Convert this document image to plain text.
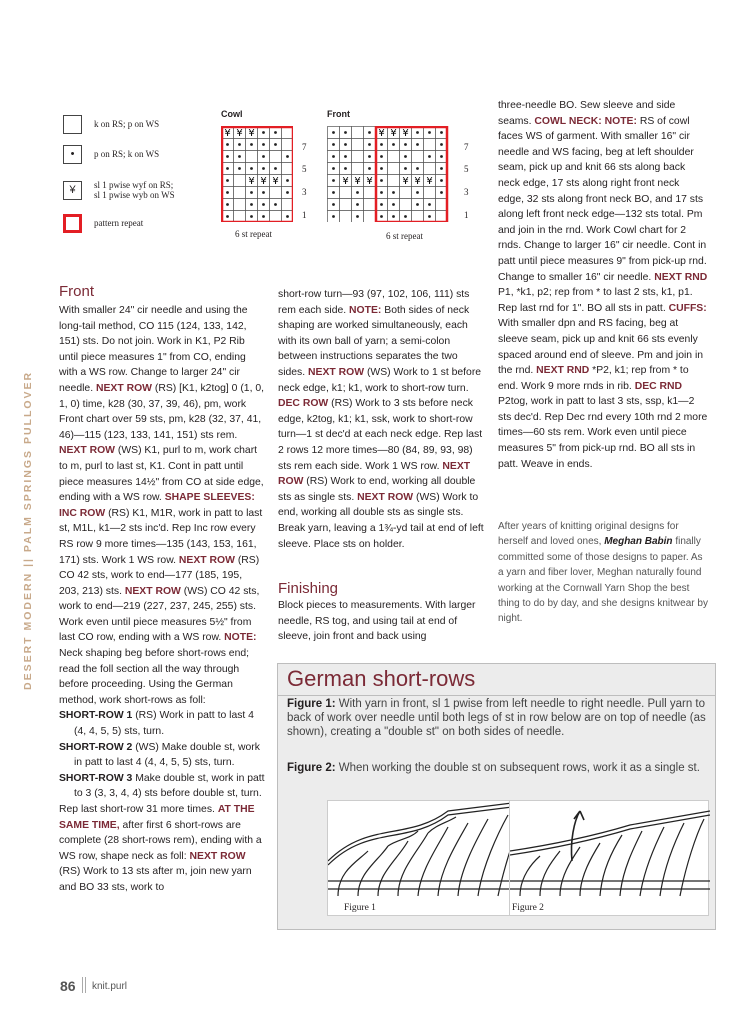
DESERT MODERN || PALM SPRINGS PULLOVER
k on RS; p on WS
•	p on RS; k on WS
¥	sl 1 pwise wyf on RS;
sl 1 pwise wyb on WS
pattern repeat
Cowl
¥ ¥ ¥
¥ ¥ ¥
7
5
3
1
6 st repeat
Front
¥ ¥ ¥
¥ ¥ ¥	¥ ¥ ¥
7
5
3
1
6 st repeat
Front

With smaller 24" cir needle and using the long-tail method, CO 115 (124, 133, 142, 151) sts. Do not join. Work in K1, P2 Rib until piece measures 1" from CO, ending with a WS row. Change to larger 24" cir needle. NEXT ROW (RS) [K1, k2tog] 0 (1, 0, 1, 0) time, k28 (30, 37, 39, 46), pm, work Front chart over 59 sts, pm, k28 (32, 37, 41, 46)—115 (123, 133, 141, 151) sts rem. NEXT ROW (WS) K1, purl to m, work chart to m, purl to last st, K1. Cont in patt until piece measures 14½" from CO at side edge, ending with a WS row. SHAPE SLEEVES: INC ROW (RS) K1, M1R, work in patt to last st, M1L, k1—2 sts inc'd. Rep Inc row every RS row 9 more times—135 (143, 153, 161, 171) sts. Work 1 WS row. NEXT ROW (RS) CO 42 sts, work to end—177 (185, 195, 203, 213) sts. NEXT ROW (WS) CO 42 sts, work to end—219 (227, 237, 245, 255) sts. Work even until piece measures 5½" from last CO row, ending with a WS row. NOTE: Neck shaping beg before short-rows end; read the foll section all the way through before proceeding. Using the German method, work short-rows as foll:

SHORT-ROW 1 (RS) Work in patt to last 4 (4, 4, 5, 5) sts, turn.

SHORT-ROW 2 (WS) Make double st, work in patt to last 4 (4, 4, 5, 5) sts, turn.

SHORT-ROW 3 Make double st, work in patt to 3 (3, 3, 4, 4) sts before double st, turn.

Rep last short-row 31 more times. AT THE SAME TIME, after first 6 short-rows are complete (28 short-rows rem), ending with a WS row, shape neck as foll: NEXT ROW (RS) Work to 13 sts after m, join new yarn and BO 33 sts, work to

short-row turn—93 (97, 102, 106, 111) sts rem each side. NOTE: Both sides of neck shaping are worked simultaneously, each with its own ball of yarn; a semi-colon between instructions separates the two sides. NEXT ROW (WS) Work to 1 st before neck edge, k1; k1, work to short-row turn. DEC ROW (RS) Work to 3 sts before neck edge, k2tog, k1; k1, ssk, work to short-row turn—1 st dec'd at each neck edge. Rep last 2 rows 12 more times—80 (84, 89, 93, 98) sts rem each side. Work 1 WS row. NEXT ROW (RS) Work to end, working all double sts as single sts. NEXT ROW (WS) Work to end, working all double sts as single sts. Break yarn, leaving a 1¾-yd tail at end of left sleeve. Place sts on holder.

Finishing

Block pieces to measurements. With larger needle, RS tog, and using tail at end of sleeve, join front and back using

three-needle BO. Sew sleeve and side seams. COWL NECK: NOTE: RS of cowl faces WS of garment. With smaller 16" cir needle and WS facing, beg at left shoulder seam, pick up and knit 66 sts along back neck edge, 17 sts along right front neck edge, 32 sts along front neck BO, and 17 sts along left front neck edge—132 sts total. Pm and join in the rnd. Work Cowl chart for 2 rnds. Change to larger 16" cir needle. Cont in patt until piece measures 9" from pick-up rnd. Change to smaller 16" cir needle. NEXT RND P1, *k1, p2; rep from * to last 2 sts, k1, p1. Rep last rnd for 1". BO all sts in patt. CUFFS: With smaller dpn and RS facing, beg at sleeve seam, pick up and knit 66 sts evenly spaced around end of sleeve. Pm and join in the rnd. NEXT RND *P2, k1; rep from * to end. Work 9 more rnds in rib. DEC RND P2tog, work in patt to last 3 sts, ssp, k1—2 sts dec'd. Rep Dec rnd every 10th rnd 2 more times—60 sts rem. Work even until piece measures 5" from pick-up rnd. BO all sts in patt. Weave in ends.

After years of knitting original designs for herself and loved ones, Meghan Babin finally committed some of those designs to paper. As a yarn and fiber lover, Meghan naturally found working at the Cornwall Yarn Shop the best thing to do by day, and she designs knitwear by night.

German short-rows
Figure 1: With yarn in front, sl 1 pwise from left needle to right needle. Pull yarn to back of work over needle until both legs of st in row below are on top of needle (as shown), creating a "double st" on both sides of needle.
Figure 2: When working the double st on subsequent rows, work it as a single st.
Figure 1	Figure 2
86 knit.purl
